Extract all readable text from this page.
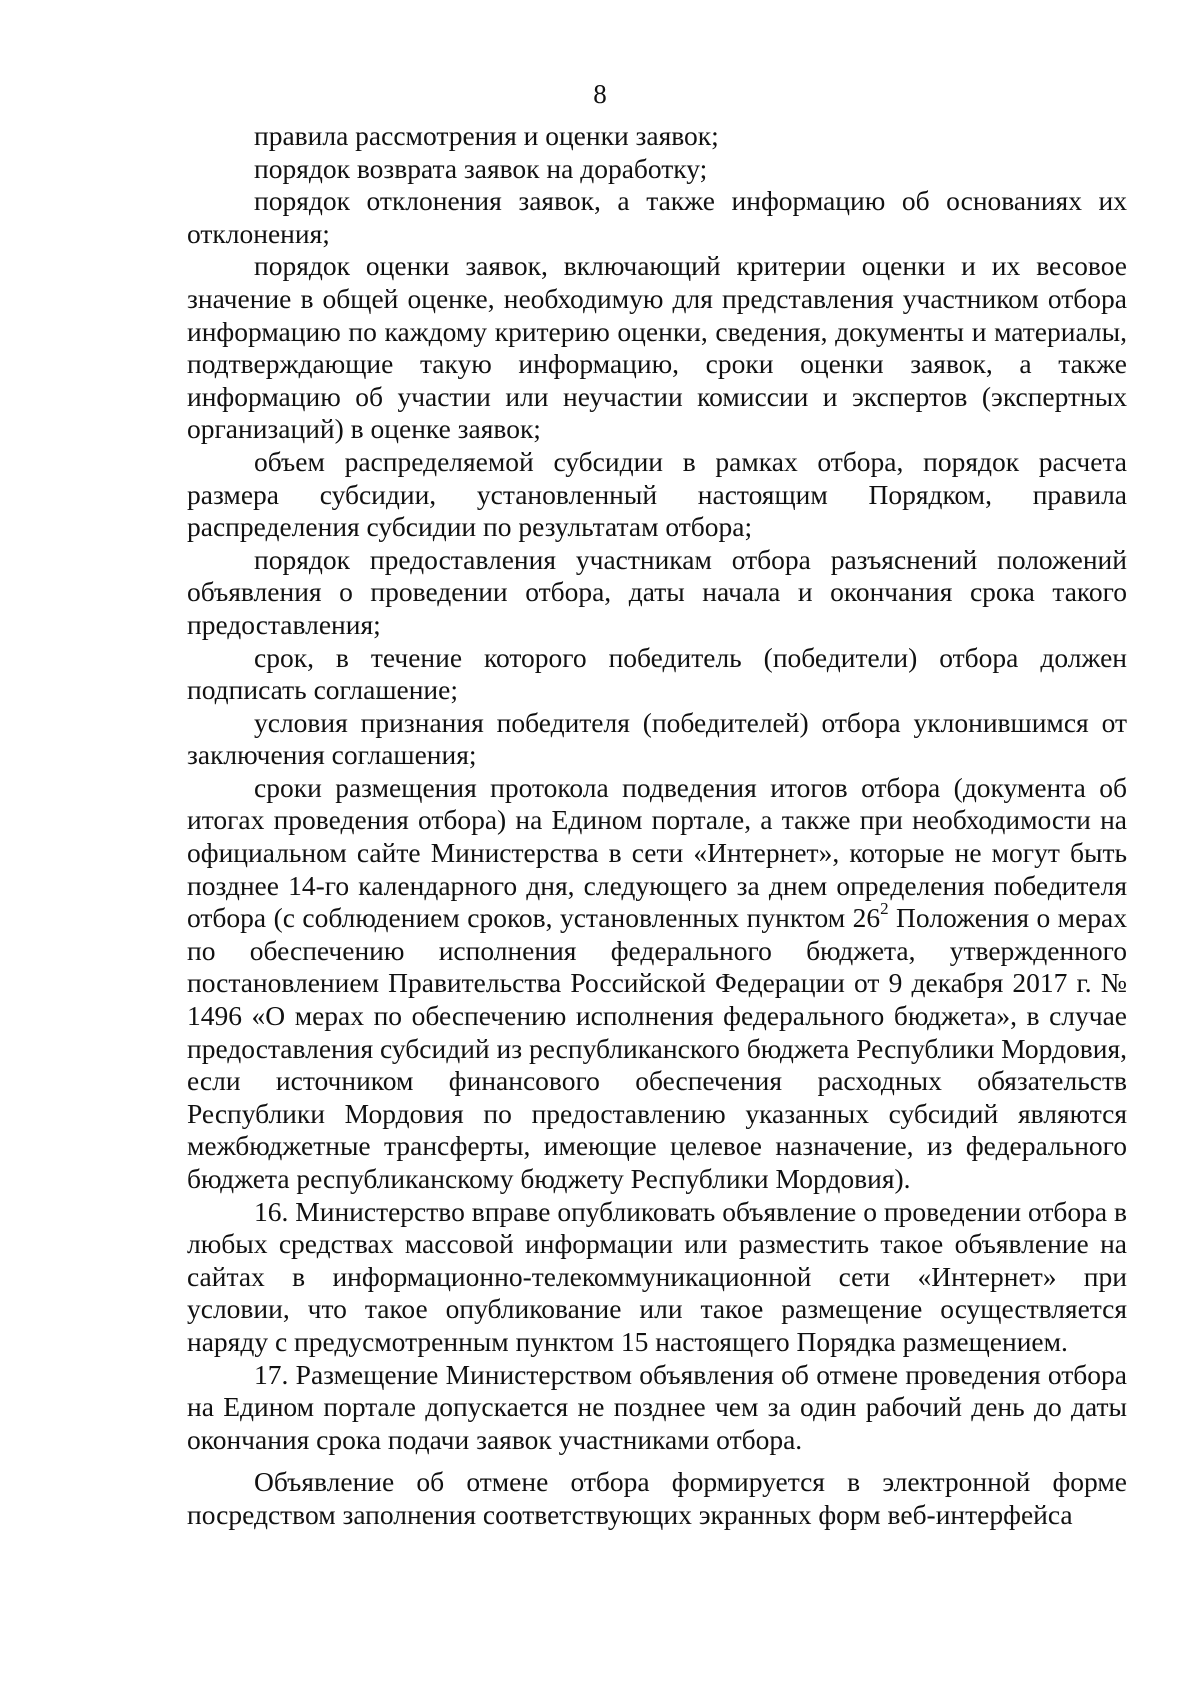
8

правила рассмотрения и оценки заявок;

порядок возврата заявок на доработку;

порядок отклонения заявок, а также информацию об основаниях их отклонения;

порядок оценки заявок, включающий критерии оценки и их весовое значение в общей оценке, необходимую для представления участником отбора информацию по каждому критерию оценки, сведения, документы и материалы, подтверждающие такую информацию, сроки оценки заявок, а также информацию об участии или неучастии комиссии и экспертов (экспертных организаций) в оценке заявок;

объем распределяемой субсидии в рамках отбора, порядок расчета размера субсидии, установленный настоящим Порядком, правила распределения субсидии по результатам отбора;

порядок предоставления участникам отбора разъяснений положений объявления о проведении отбора, даты начала и окончания срока такого предоставления;

срок, в течение которого победитель (победители) отбора должен подписать соглашение;

условия признания победителя (победителей) отбора уклонившимся от заключения соглашения;

сроки размещения протокола подведения итогов отбора (документа об итогах проведения отбора) на Едином портале, а также при необходимости на официальном сайте Министерства в сети «Интернет», которые не могут быть позднее 14-го календарного дня, следующего за днем определения победителя отбора (с соблюдением сроков, установленных пунктом $26^2$ Положения о мерах по обеспечению исполнения федерального бюджета, утвержденного постановлением Правительства Российской Федерации от 9 декабря 2017 г. № 1496 «О мерах по обеспечению исполнения федерального бюджета», в случае предоставления субсидий из республиканского бюджета Республики Мордовия, если источником финансового обеспечения расходных обязательств Республики Мордовия по предоставлению указанных субсидий являются межбюджетные трансферты, имеющие целевое назначение, из федерального бюджета республиканскому бюджету Республики Мордовия).

16. Министерство вправе опубликовать объявление о проведении отбора в любых средствах массовой информации или разместить такое объявление на сайтах в информационно-телекоммуникационной сети «Интернет» при условии, что такое опубликование или такое размещение осуществляется наряду с предусмотренным пунктом 15 настоящего Порядка размещением.

17. Размещение Министерством объявления об отмене проведения отбора на Едином портале допускается не позднее чем за один рабочий день до даты окончания срока подачи заявок участниками отбора.

Объявление об отмене отбора формируется в электронной форме посредством заполнения соответствующих экранных форм веб-интерфейса
